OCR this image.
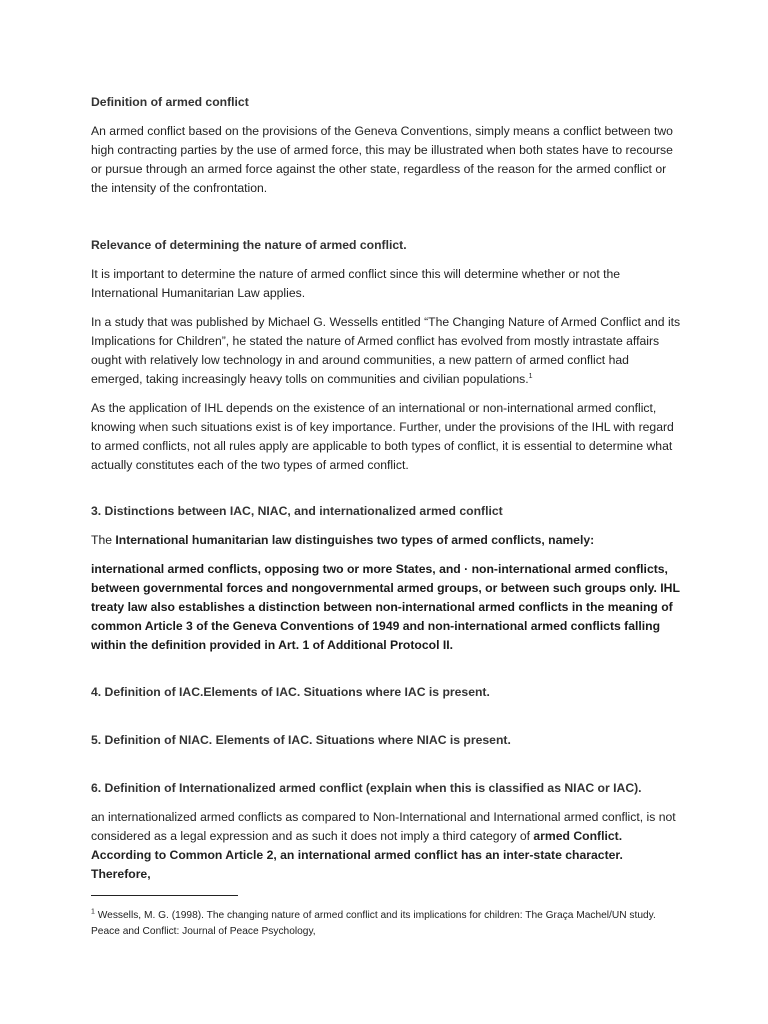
Definition of armed conflict

An armed conflict based on the provisions of the Geneva Conventions, simply means a conflict between two high contracting parties by the use of armed force, this may be illustrated when both states have to recourse or pursue through an armed force against the other state, regardless of the reason for the armed conflict or the intensity of the confrontation.

Relevance of determining the nature of armed conflict.

It is important to determine the nature of armed conflict since this will determine whether or not the International Humanitarian Law applies.

In a study that was published by Michael G. Wessells entitled “The Changing Nature of Armed Conflict and its Implications for Children”, he stated the nature of Armed conflict has evolved from mostly intrastate affairs ought with relatively low technology in and around communities, a new pattern of armed conflict had emerged, taking increasingly heavy tolls on communities and civilian populations.$^1$

As the application of IHL depends on the existence of an international or non-international armed conflict, knowing when such situations exist is of key importance. Further, under the provisions of the IHL with regard to armed conflicts, not all rules apply are applicable to both types of conflict, it is essential to determine what actually constitutes each of the two types of armed conflict.

3. Distinctions between IAC, NIAC, and internationalized armed conflict

The International humanitarian law distinguishes two types of armed conflicts, namely:

international armed conflicts, opposing two or more States, and · non-international armed conflicts, between governmental forces and nongovernmental armed groups, or between such groups only. IHL treaty law also establishes a distinction between non-international armed conflicts in the meaning of common Article 3 of the Geneva Conventions of 1949 and non-international armed conflicts falling within the definition provided in Art. 1 of Additional Protocol II.

4. Definition of IAC.Elements of IAC. Situations where IAC is present.

5. Definition of NIAC. Elements of IAC. Situations where NIAC is present.

6. Definition of Internationalized armed conflict (explain when this is classified as NIAC or IAC).

an internationalized armed conflicts as compared to Non-International and International armed conflict, is not considered as a legal expression and as such it does not imply a third category of armed Conflict. According to Common Article 2, an international armed conflict has an inter-state character. Therefore,

$^1$ Wessells, M. G. (1998). The changing nature of armed conflict and its implications for children: The Graça Machel/UN study. Peace and Conflict: Journal of Peace Psychology,
